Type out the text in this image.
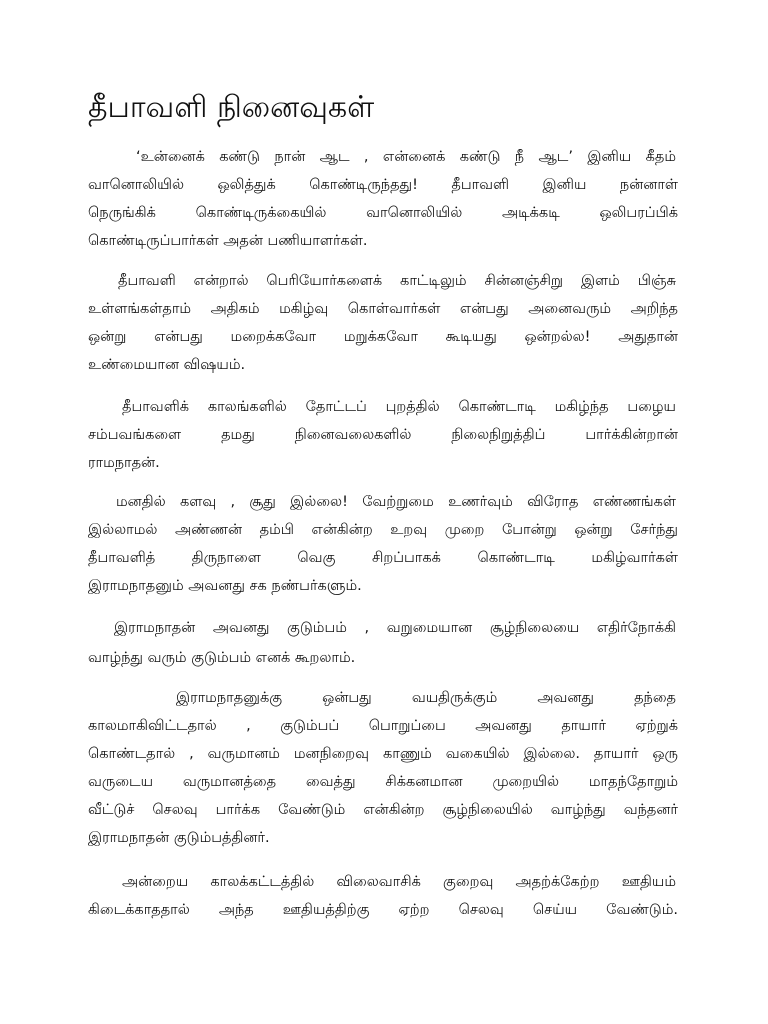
தீபாவளி நினைவுகள்
‘உன்னைக் கண்டு நான் ஆட , என்னைக் கண்டு நீ ஆட’ இனிய கீதம்
வானொலியில் ஒலித்துக் கொண்டிருந்தது! தீபாவளி இனிய நன்னாள்
நெருங்கிக் கொண்டிருக்கையில் வானொலியில் அடிக்கடி ஒலிபரப்பிக்
கொண்டிருப்பார்கள் அதன் பணியாளர்கள்.
தீபாவளி என்றால் பெரியோர்களைக் காட்டிலும் சின்னஞ்சிறு இளம் பிஞ்சு
உள்ளங்கள்தாம் அதிகம் மகிழ்வு கொள்வார்கள் என்பது அனைவரும் அறிந்த
ஒன்று என்பது மறைக்கவோ மறுக்கவோ கூடியது ஒன்றல்ல! அதுதான்
உண்மையான விஷயம்.
தீபாவளிக் காலங்களில் தோட்டப் புறத்தில் கொண்டாடி மகிழ்ந்த பழைய
சம்பவங்களை தமது நினைவலைகளில் நிலைநிறுத்திப் பார்க்கின்றான்
ராமநாதன்.
மனதில் களவு , சூது இல்லை! வேற்றுமை உணர்வும் விரோத எண்ணங்கள்
இல்லாமல் அண்ணன் தம்பி என்கின்ற உறவு முறை போன்று ஒன்று சேர்ந்து
தீபாவளித் திருநாளை வெகு சிறப்பாகக் கொண்டாடி மகிழ்வார்கள்
இராமநாதனும் அவனது சக நண்பர்களும்.
இராமநாதன் அவனது குடும்பம் , வறுமையான சூழ்நிலையை எதிர்நோக்கி
வாழ்ந்து வரும் குடும்பம் எனக் கூறலாம்.
இராமநாதனுக்கு ஒன்பது வயதிருக்கும் அவனது தந்தை
காலமாகிவிட்டதால் , குடும்பப் பொறுப்பை அவனது தாயார் ஏற்றுக்
கொண்டதால் , வருமானம் மனநிறைவு காணும் வகையில் இல்லை. தாயார் ஒரு
வருடைய வருமானத்தை வைத்து சிக்கனமான முறையில் மாதந்தோறும்
வீட்டுச் செலவு பார்க்க வேண்டும் என்கின்ற சூழ்நிலையில் வாழ்ந்து வந்தனர்
இராமநாதன் குடும்பத்தினர்.
அன்றைய காலக்கட்டத்தில் விலைவாசிக் குறைவு அதற்க்கேற்ற ஊதியம்
கிடைக்காததால் அந்த ஊதியத்திற்கு ஏற்ற செலவு செய்ய வேண்டும்.
